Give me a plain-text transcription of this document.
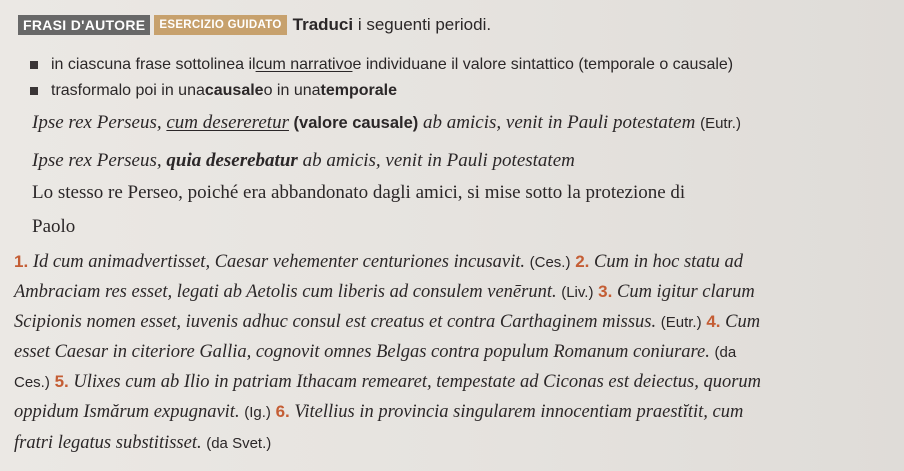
FRASI D'AUTORE	ESERCIZIO GUIDATO Traduci i seguenti periodi.
in ciascuna frase sottolinea il cum narrativo e individuane il valore sintattico (temporale o causale)
trasformalo poi in una causale o in una temporale
Ipse rex Perseus, cum desereretur (valore causale) ab amicis, venit in Pauli potestatem (Eutr.)
Ipse rex Perseus, quia deserebatur ab amicis, venit in Pauli potestatem
Lo stesso re Perseo, poiché era abbandonato dagli amici, si mise sotto la protezione di
Paolo
1. Id cum animadvertisset, Caesar vehementer centuriones incusavit. (Ces.) 2. Cum in hoc statu ad
Ambraciam res esset, legati ab Aetolis cum liberis ad consulem venērunt. (Liv.) 3. Cum igitur clarum
Scipionis nomen esset, iuvenis adhuc consul est creatus et contra Carthaginem missus. (Eutr.) 4. Cum
esset Caesar in citeriore Gallia, cognovit omnes Belgas contra populum Romanum coniurare. (da
Ces.) 5. Ulixes cum ab Ilio in patriam Ithacam remearet, tempestate ad Ciconas est deiectus, quorum
oppidum Ismărum expugnavit. (Ig.) 6. Vitellius in provincia singularem innocentiam praestĭtit, cum
fratri legatus substitisset. (da Svet.)
